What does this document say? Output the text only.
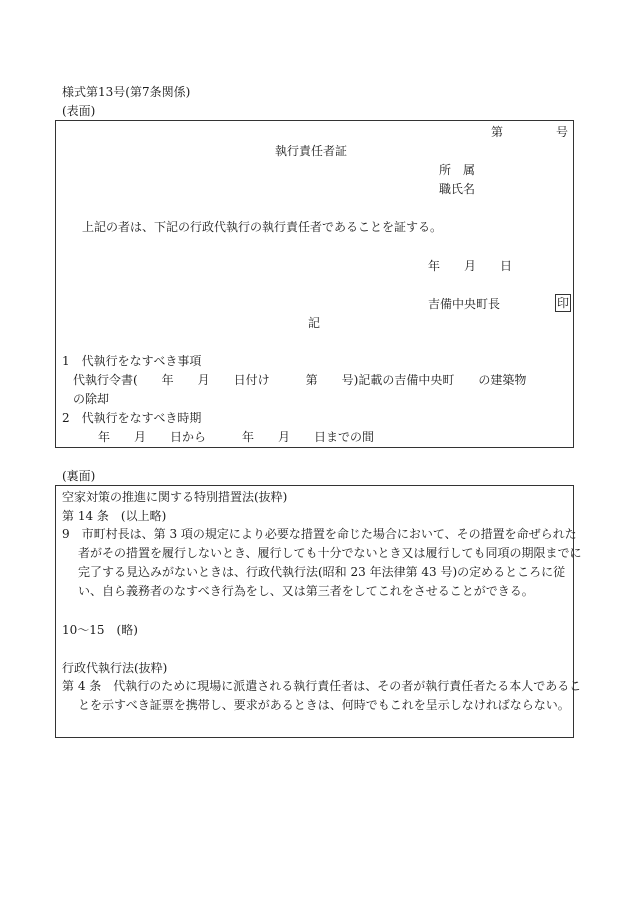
様式第13号(第7条関係)
(表面)
第	号
執行責任者証
所　属
職氏名
上記の者は、下記の行政代執行の執行責任者であることを証する。
年　　月　　日
吉備中央町長	印
記
1　代執行をなすべき事項
代執行令書(　　年　　月　　日付け　　　第　　号)記載の吉備中央町　　の建築物
の除却
2　代執行をなすべき時期
年　　月　　日から　　　年　　月　　日までの間
(裏面)
空家対策の推進に関する特別措置法(抜粋)
第 14 条　(以上略)
9　市町村長は、第 3 項の規定により必要な措置を命じた場合において、その措置を命ぜられた者がその措置を履行しないとき、履行しても十分でないとき又は履行しても同項の期限までに完了する見込みがないときは、行政代執行法(昭和 23 年法律第 43 号)の定めるところに従い、自ら義務者のなすべき行為をし、又は第三者をしてこれをさせることができる。
10～15　(略)
行政代執行法(抜粋)
第 4 条　代執行のために現場に派遣される執行責任者は、その者が執行責任者たる本人であることを示すべき証票を携帯し、要求があるときは、何時でもこれを呈示しなければならない。
